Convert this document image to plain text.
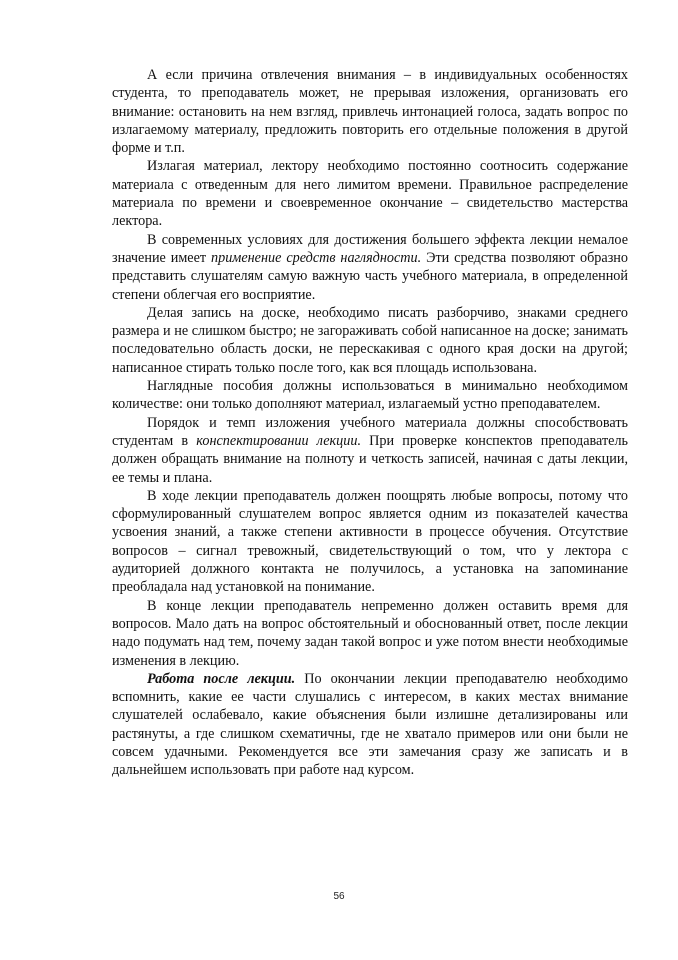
А если причина отвлечения внимания – в индивидуальных особенностях студента, то преподаватель может, не прерывая изложения, организовать его внимание: остановить на нем взгляд, привлечь интонацией голоса, задать вопрос по излагаемому материалу, предложить повторить его отдельные положения в другой форме и т.п.

Излагая материал, лектору необходимо постоянно соотносить содержание материала с отведенным для него лимитом времени. Правильное распределение материала по времени и своевременное окончание – свидетельство мастерства лектора.

В современных условиях для достижения большего эффекта лекции немалое значение имеет применение средств наглядности. Эти средства позволяют образно представить слушателям самую важную часть учебного материала, в определенной степени облегчая его восприятие.

Делая запись на доске, необходимо писать разборчиво, знаками среднего размера и не слишком быстро; не загораживать собой написанное на доске; занимать последовательно область доски, не перескакивая с одного края доски на другой; написанное стирать только после того, как вся площадь использована.

Наглядные пособия должны использоваться в минимально необходимом количестве: они только дополняют материал, излагаемый устно преподавателем.

Порядок и темп изложения учебного материала должны способствовать студентам в конспектировании лекции. При проверке конспектов преподаватель должен обращать внимание на полноту и четкость записей, начиная с даты лекции, ее темы и плана.

В ходе лекции преподаватель должен поощрять любые вопросы, потому что сформулированный слушателем вопрос является одним из показателей качества усвоения знаний, а также степени активности в процессе обучения. Отсутствие вопросов – сигнал тревожный, свидетельствующий о том, что у лектора с аудиторией должного контакта не получилось, а установка на запоминание преобладала над установкой на понимание.

В конце лекции преподаватель непременно должен оставить время для вопросов. Мало дать на вопрос обстоятельный и обоснованный ответ, после лекции надо подумать над тем, почему задан такой вопрос и уже потом внести необходимые изменения в лекцию.

Работа после лекции. По окончании лекции преподавателю необходимо вспомнить, какие ее части слушались с интересом, в каких местах внимание слушателей ослабевало, какие объяснения были излишне детализированы или растянуты, а где слишком схематичны, где не хватало примеров или они были не совсем удачными. Рекомендуется все эти замечания сразу же записать и в дальнейшем использовать при работе над курсом.

56
